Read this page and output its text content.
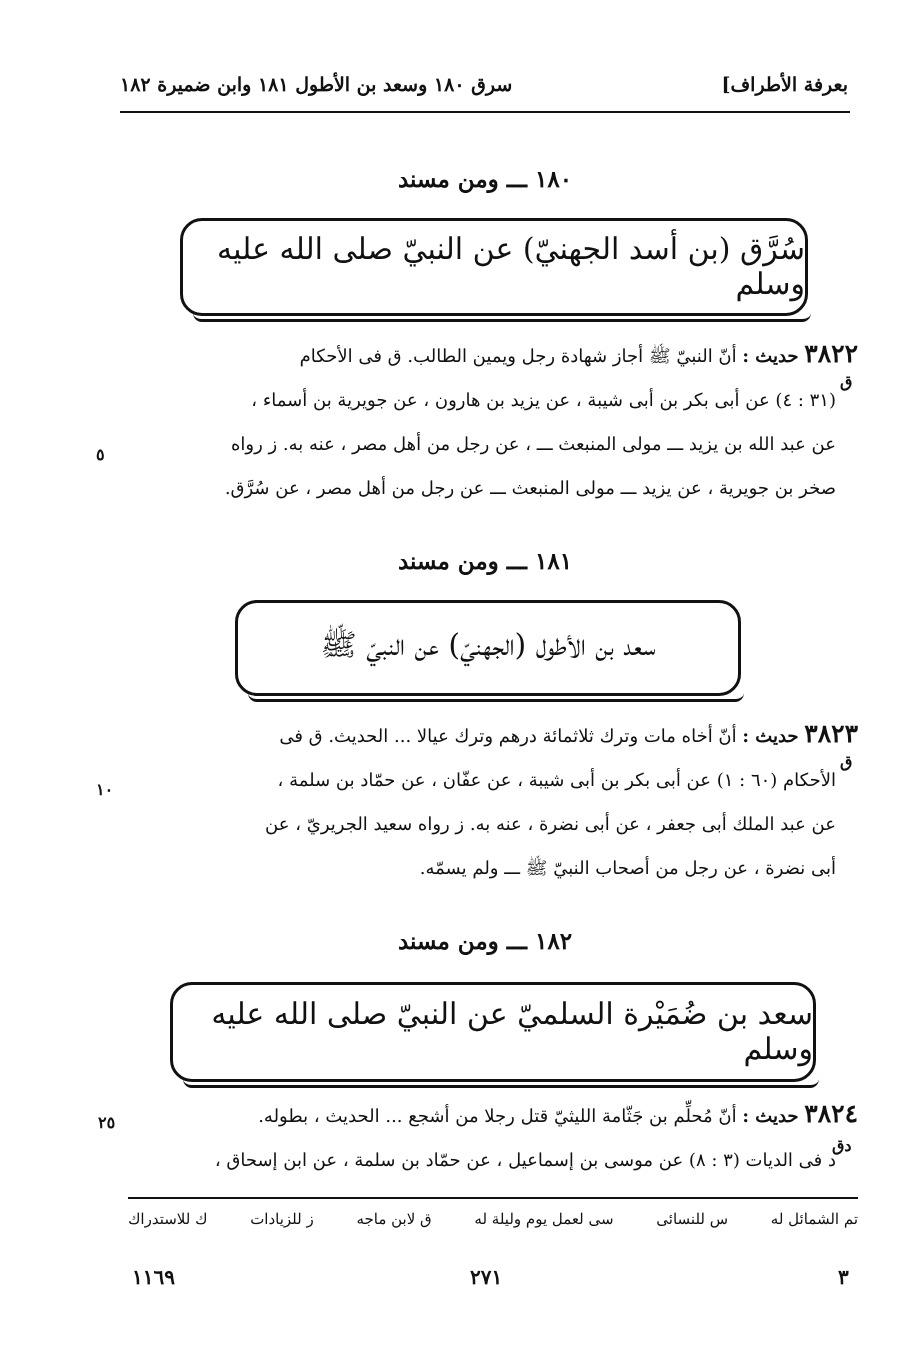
بعرفة الأطراف]
سرق ١٨٠ وسعد بن الأطول ١٨١ وابن ضميرة ١٨٢
١٨٠ ـــ ومن مسند
سُرَّق (بن أسد الجهنيّ) عن النبيّ صلى الله عليه وسلم
٣٨٢٢ حديث : أنّ النبيّ ﷺ أجاز شهادة رجل ويمين الطالب. ق فى الأحكام
(٣١ : ٤) عن أبى بكر بن أبى شيبة ، عن يزيد بن هارون ، عن جويرية بن أسماء ،
عن عبد الله بن يزيد ـــ مولى المنبعث ـــ ، عن رجل من أهل مصر ، عنه به. ز رواه
صخر بن جويرية ، عن يزيد ـــ مولى المنبعث ـــ عن رجل من أهل مصر ، عن سُرَّق.
ق
٥
١٨١ ـــ ومن مسند
سعد بن الأطول (الجهنيّ) عن النبيّ ﷺ
٣٨٢٣ حديث : أنّ أخاه مات وترك ثلاثمائة درهم وترك عيالا ... الحديث. ق فى
الأحكام (٦٠ : ١) عن أبى بكر بن أبى شيبة ، عن عفّان ، عن حمّاد بن سلمة ،
عن عبد الملك أبى جعفر ، عن أبى نضرة ، عنه به. ز رواه سعيد الجريريّ ، عن
أبى نضرة ، عن رجل من أصحاب النبيّ ﷺ ـــ ولم يسمّه.
ق
١٠
١٨٢ ـــ ومن مسند
سعد بن ضُمَيْرة السلميّ عن النبيّ صلى الله عليه وسلم
٣٨٢٤ حديث : أنّ مُحلِّم بن جَثّامة الليثيّ قتل رجلا من أشجع ... الحديث ، بطوله.
د فى الديات (٣ : ٨) عن موسى بن إسماعيل ، عن حمّاد بن سلمة ، عن ابن إسحاق ،
دق
٢٥
تم الشمائل له
س للنسائى
سى لعمل يوم وليلة له
ق لابن ماجه
ز للزيادات
ك للاستدراك
٣
٢٧١
١١٦٩
